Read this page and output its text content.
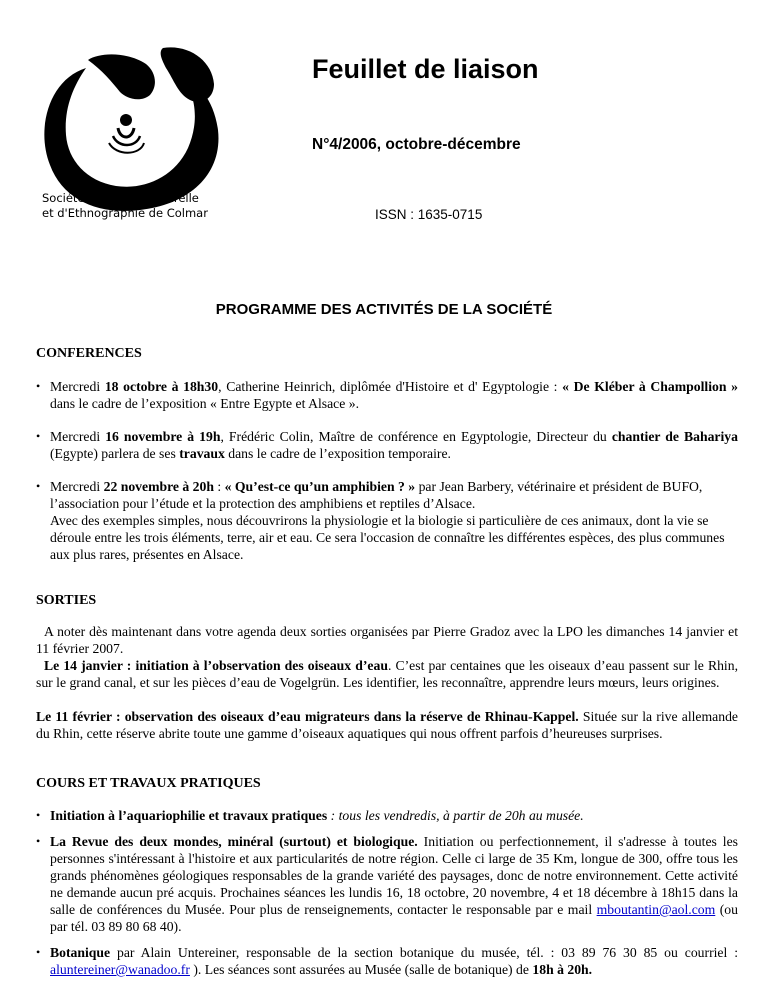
Société d'Histoire Naturelle
et d'Ethnographie de Colmar
Feuillet de liaison
N°4/2006, octobre-décembre
ISSN : 1635-0715
PROGRAMME DES ACTIVITÉS DE LA SOCIÉTÉ
CONFERENCES
• Mercredi 18 octobre à 18h30, Catherine Heinrich, diplômée d'Histoire et d' Egyptologie : « De Kléber à Champollion » dans le cadre de l’exposition « Entre Egypte et Alsace ».
• Mercredi 16 novembre à 19h, Frédéric Colin, Maître de conférence en Egyptologie, Directeur du chantier de Bahariya (Egypte) parlera de ses travaux dans le cadre de l’exposition temporaire.
• Mercredi 22 novembre à 20h : « Qu’est-ce qu’un amphibien ? » par Jean Barbery, vétérinaire et président de BUFO, l’association pour l’étude et la protection des amphibiens et reptiles d’Alsace.
Avec des exemples simples, nous découvrirons la physiologie et la biologie si particulière de ces animaux, dont la vie se déroule entre les trois éléments, terre, air et eau. Ce sera l'occasion de connaître les différentes espèces, des plus communes aux plus rares, présentes en Alsace.
SORTIES

A noter dès maintenant dans votre agenda deux sorties organisées par Pierre Gradoz avec la LPO les dimanches 14 janvier et 11 février 2007.

Le 14 janvier : initiation à l’observation des oiseaux d’eau. C’est par centaines que les oiseaux d’eau passent sur le Rhin, sur le grand canal, et sur les pièces d’eau de Vogelgrün. Les identifier, les reconnaître, apprendre leurs mœurs, leurs origines.

Le 11 février : observation des oiseaux d’eau migrateurs dans la réserve de Rhinau-Kappel. Située sur la rive allemande du Rhin, cette réserve abrite toute une gamme d’oiseaux aquatiques qui nous offrent parfois d’heureuses surprises.

COURS ET TRAVAUX PRATIQUES
• Initiation à l’aquariophilie et travaux pratiques : tous les vendredis, à partir de 20h au musée.
• La Revue des deux mondes, minéral (surtout) et biologique. Initiation ou perfectionnement, il s'adresse à toutes les personnes s'intéressant à l'histoire et aux particularités de notre région. Celle ci large de 35 Km, longue de 300, offre tous les grands phénomènes géologiques responsables de la grande variété des paysages, donc de notre environnement. Cette activité ne demande aucun pré acquis. Prochaines séances les lundis 16, 18 octobre, 20 novembre, 4 et 18 décembre à 18h15 dans la salle de conférences du Musée. Pour plus de renseignements, contacter le responsable par e mail mboutantin@aol.com (ou par tél. 03 89 80 68 40).
• Botanique par Alain Untereiner, responsable de la section botanique du musée, tél. : 03 89 76 30 85 ou courriel : aluntereiner@wanadoo.fr ). Les séances sont assurées au Musée (salle de botanique) de 18h à 20h.
